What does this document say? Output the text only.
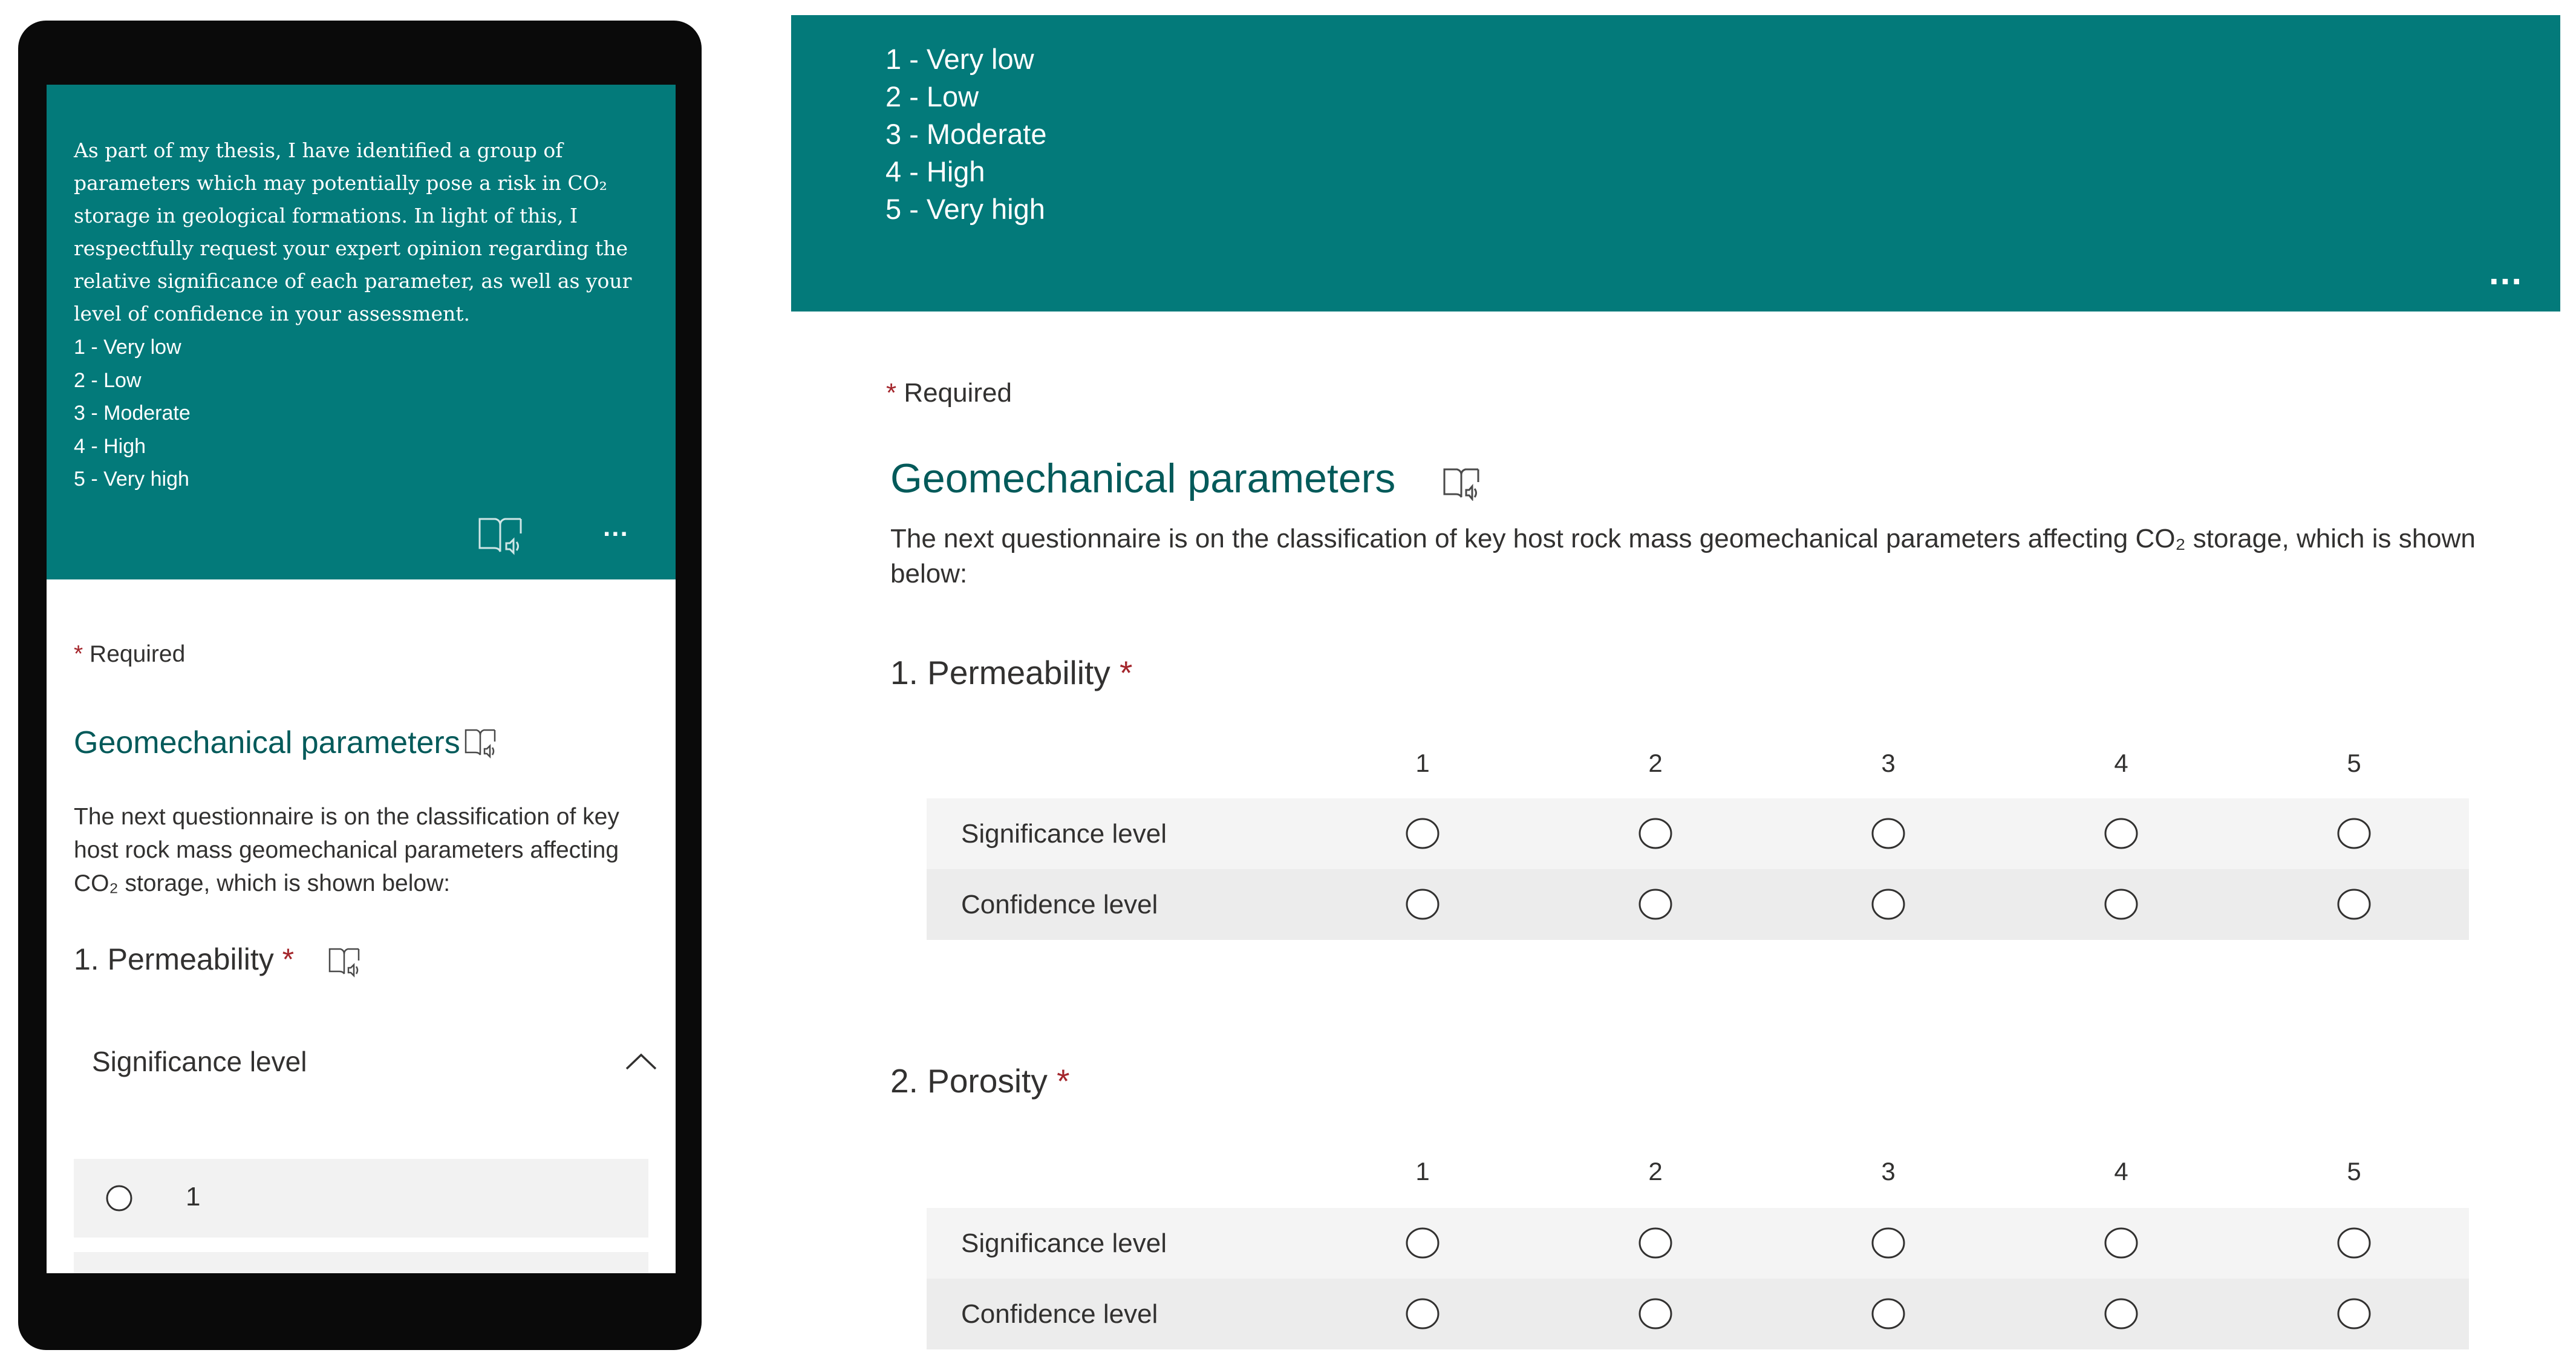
As part of my thesis, I have identified a group of parameters which may potentially pose a risk in CO₂ storage in geological formations. In light of this, I respectfully request your expert opinion regarding the relative significance of each parameter, as well as your level of confidence in your assessment.

1 - Very low
2 - Low
3 - Moderate
4 - High
5 - Very high
...
* Required
Geomechanical parameters

The next questionnaire is on the classification of key host rock mass geomechanical parameters affecting CO₂ storage, which is shown below:

1. Permeability *
Significance level
1
1 - Very low
2 - Low
3 - Moderate
4 - High
5 - Very high
...
* Required
Geomechanical parameters

The next questionnaire is on the classification of key host rock mass geomechanical parameters affecting CO₂ storage, which is shown below:

1. Permeability *
1	2	3	4	5
Significance level
Confidence level
2. Porosity *
1	2	3	4	5
Significance level
Confidence level
